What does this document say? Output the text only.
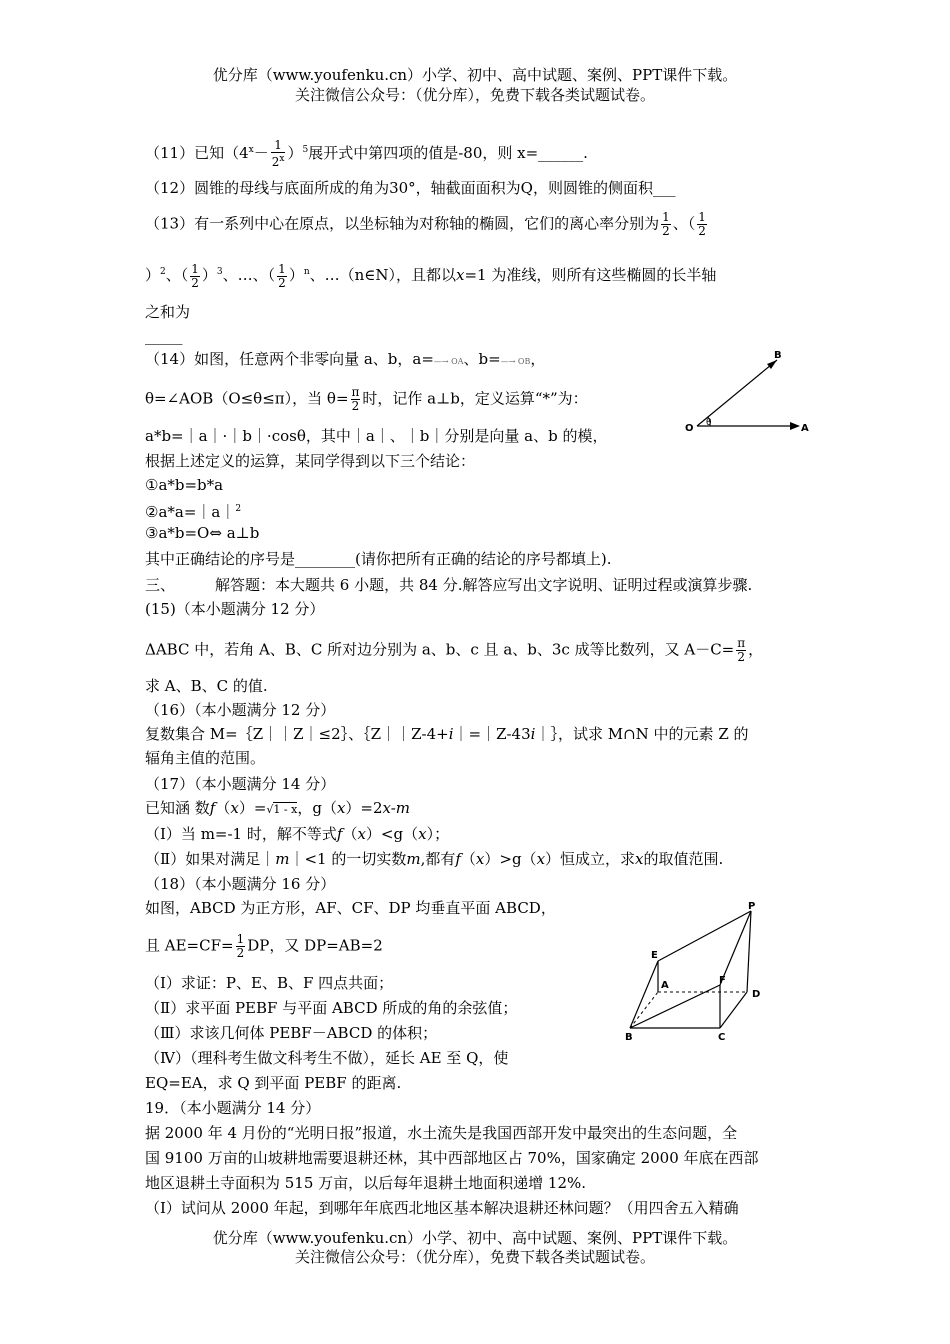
优分库（www.youfenku.cn）小学、初中、高中试题、案例、PPT课件下载。
关注微信公众号：（优分库），免费下载各类试题试卷。
（11）已知$(4^x- \frac{1}{2^x} )^5$展开式中第四项的值是-80，则 x=______.
（12）圆锥的母线与底面所成的角为30°，轴截面面积为Q，则圆锥的侧面积___
（13）有一系列中心在原点，以坐标轴为对称轴的椭圆，它们的离心率分别为 $\frac{1}{2}$ 、（ $\frac{1}{2}$
）$^2$、（ $\frac{1}{2} )^3$、…、（ $\frac{1}{2} )^n$、…（n∈N），且都以x=1 为准线，则所有这些椭圆的长半轴
之和为
_____
（14）如图，任意两个非零向量 a、b，a=—→ OA、b=—→ OB，
θ=∠AOB（O≤θ≤π），当 $\theta= \frac{\pi}{2}$ 时，记作 a⊥b，定义运算“*”为：
a*b=｜a｜·｜b｜·cosθ，其中｜a｜、｜b｜分别是向量 a、b 的模，
根据上述定义的运算，某同学得到以下三个结论：
①a*b=b*a
②a*a=｜a｜$^2$
③a*b=O⇔ a⊥b
其中正确结论的序号是________(请你把所有正确的结论的序号都填上).
B
O θ	A
三、	解答题：本大题共 6 小题，共 84 分.解答应写出文字说明、证明过程或演算步骤.
(15)（本小题满分 12 分）
ΔABC 中，若角 A、B、C 所对边分别为 a、b、c 且 a、b、3c 成等比数列，又 $A-C= \frac{\pi}{2}$ ，
求 A、B、C 的值.
（16）（本小题满分 12 分）
复数集合 M=｛Z｜｜Z｜≤2｝、｛Z｜｜Z-4+i｜=｜Z-43i｜｝，试求 M∩N 中的元素 Z 的
辐角主值的范围。
（17）（本小题满分 14 分）
已知涵 数f（x）=√1 - x，g（x）=2x-m
（Ⅰ）当 m=-1 时，解不等式f（x）<g（x）；
（Ⅱ）如果对满足｜m｜<1 的一切实数m,都有f（x）>g（x）恒成立，求x的取值范围.
（18）（本小题满分 16 分）
如图，ABCD 为正方形，AF、CF、DP 均垂直平面 ABCD，
且 $AE=CF= \frac{1}{2}$ DP，又 DP=AB=2
（Ⅰ）求证：P、E、B、F 四点共面；
（Ⅱ）求平面 PEBF 与平面 ABCD 所成的角的余弦值；
（Ⅲ）求该几何体 PEBF－ABCD 的体积；
（Ⅳ）（理科考生做文科考生不做），延长 AE 至 Q，使
EQ=EA，求 Q 到平面 PEBF 的距离.
P
E
A	F
D
B	C
19．（本小题满分 14 分）
据 2000 年 4 月份的“光明日报”报道，水土流失是我国西部开发中最突出的生态问题，全
国 9100 万亩的山坡耕地需要退耕还林，其中西部地区占 70%，国家确定 2000 年底在西部
地区退耕土寺面积为 515 万亩，以后每年退耕土地面积递增 12%.
（Ⅰ）试问从 2000 年起，到哪年年底西北地区基本解决退耕还林问题？（用四舍五入精确
优分库（www.youfenku.cn）小学、初中、高中试题、案例、PPT课件下载。
关注微信公众号：（优分库），免费下载各类试题试卷。
